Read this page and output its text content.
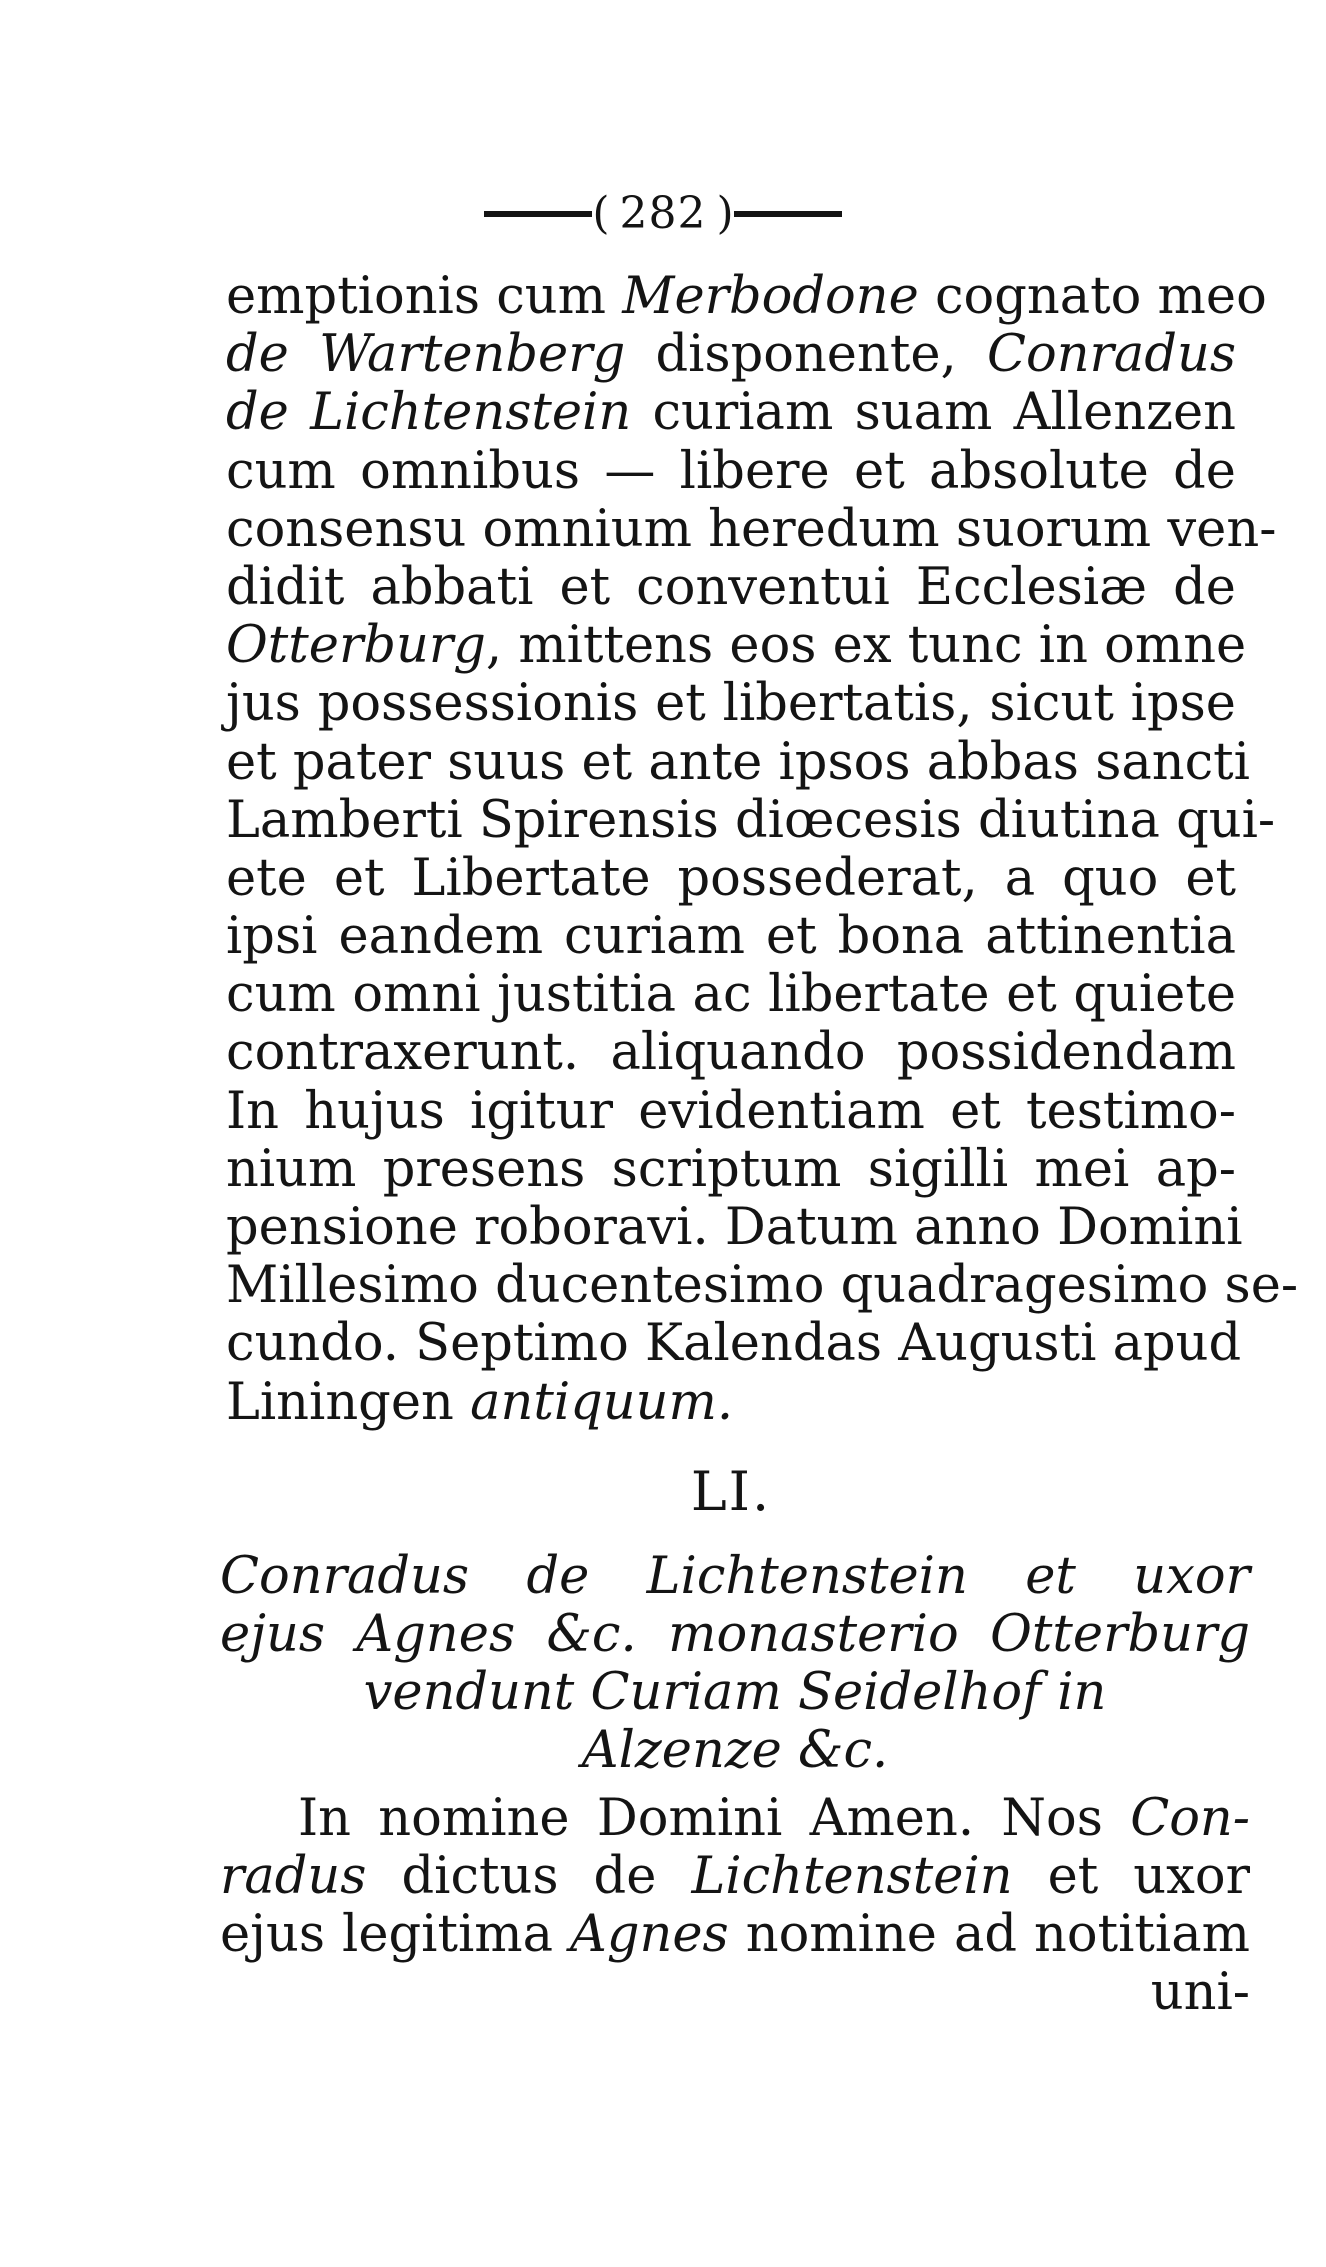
( 282 )
emptionis cum Merbodone cognato meo
de Wartenberg disponente, Conradus
de Lichtenstein curiam suam Allenzen
cum omnibus — libere et absolute de
consensu omnium heredum suorum ven-
didit abbati et conventui Ecclesiæ de
Otterburg, mittens eos ex tunc in omne
jus possessionis et libertatis, sicut ipse
et pater suus et ante ipsos abbas sancti
Lamberti Spirensis diœcesis diutina qui-
ete et Libertate possederat, a quo et
ipsi eandem curiam et bona attinentia
cum omni justitia ac libertate et quiete
contraxerunt. aliquando possidendam
In hujus igitur evidentiam et testimo-
nium presens scriptum sigilli mei ap-
pensione roboravi. Datum anno Domini
Millesimo ducentesimo quadragesimo se-
cundo. Septimo Kalendas Augusti apud
Liningen antiquum.
LI.
Conradus de Lichtenstein et uxor
ejus Agnes &c. monasterio Otterburg
vendunt Curiam Seidelhof in
Alzenze &c.
In nomine Domini Amen. Nos Con-
radus dictus de Lichtenstein et uxor
ejus legitima Agnes nomine ad notitiam
uni-
